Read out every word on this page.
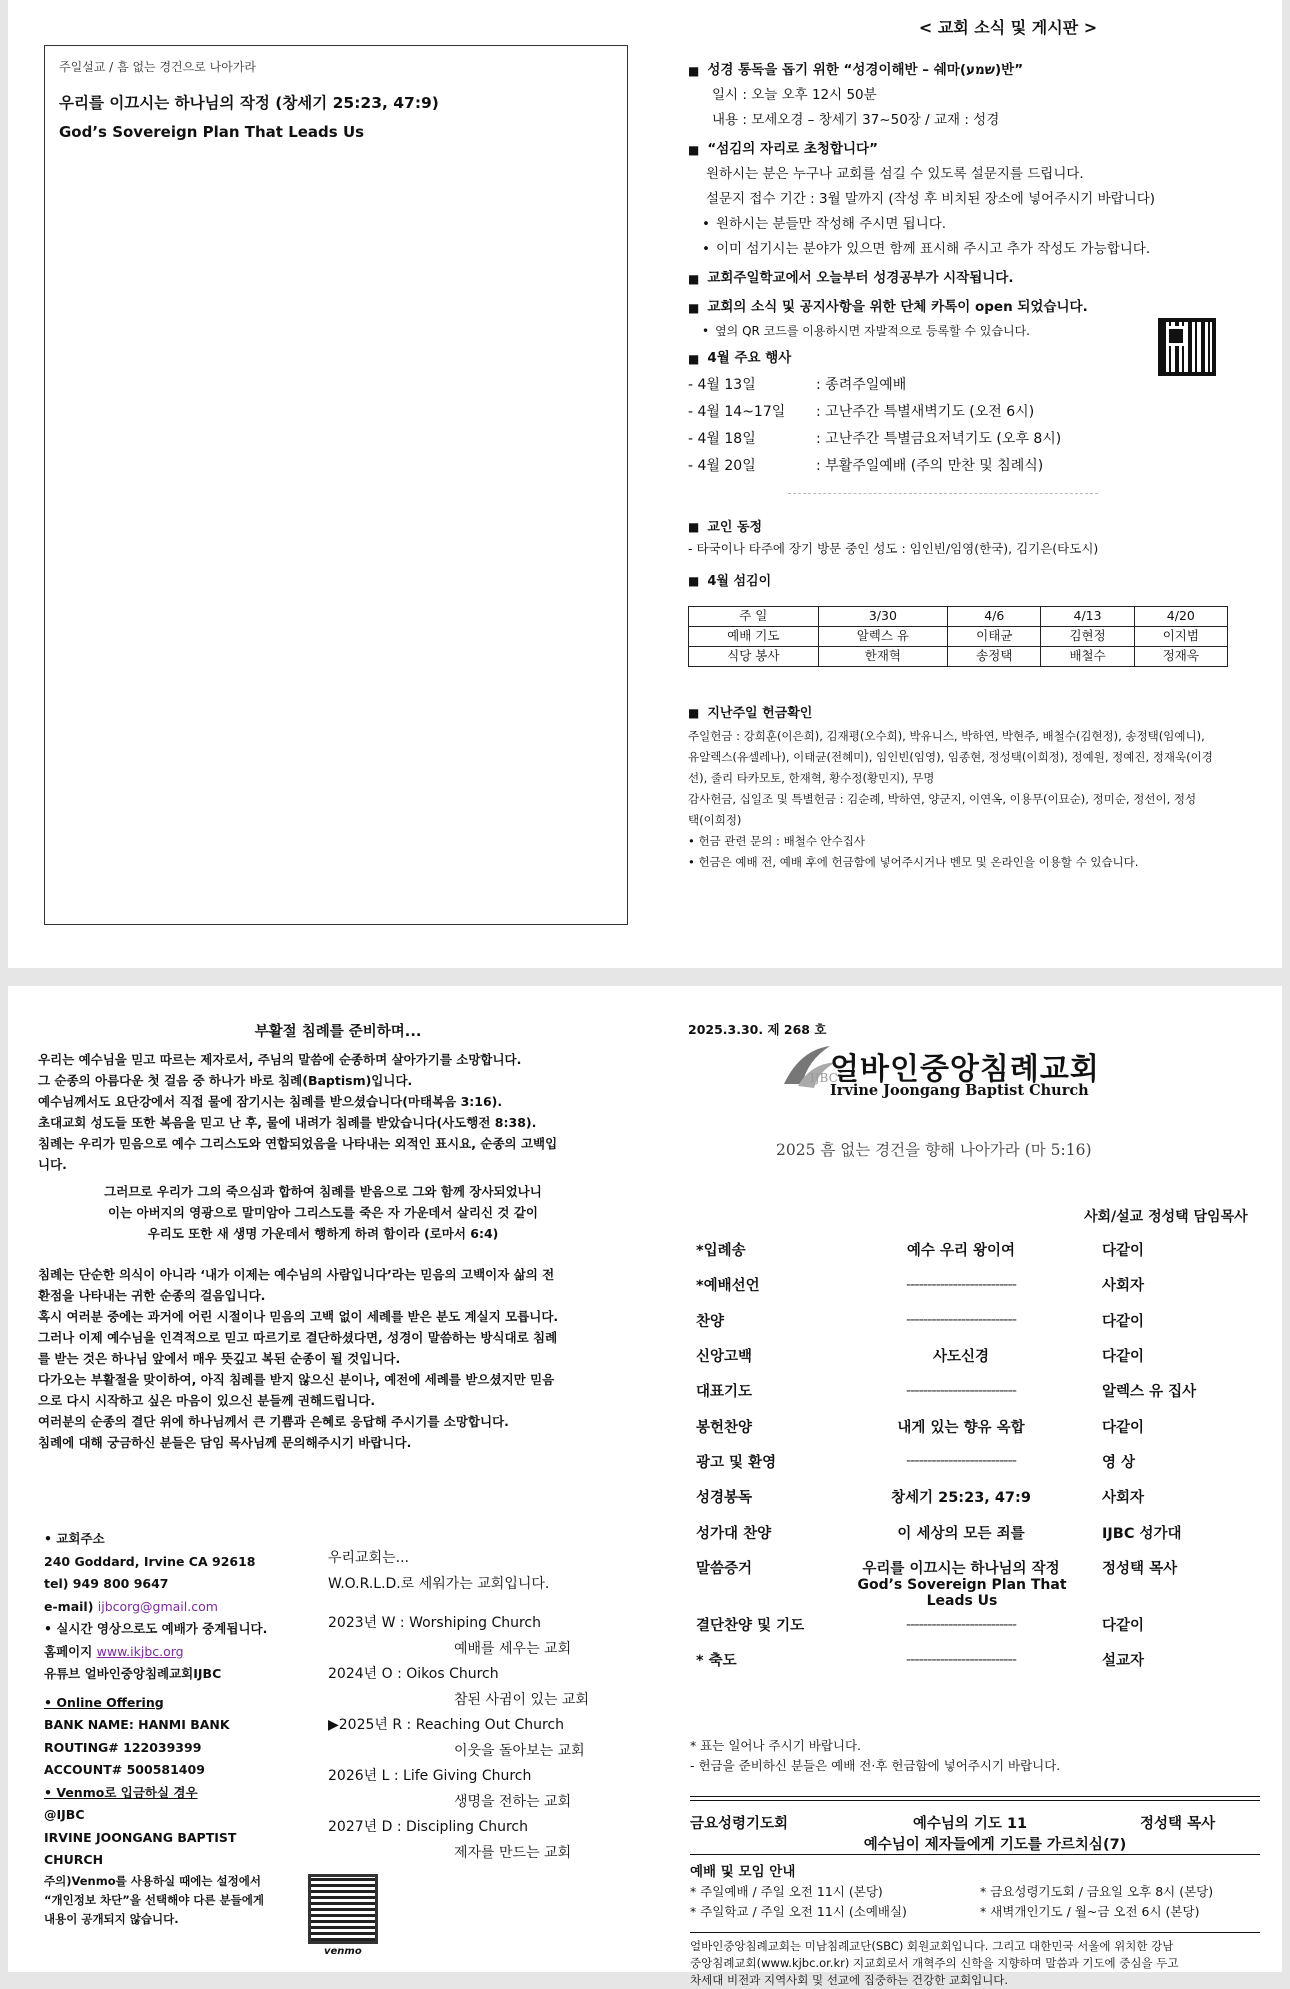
주일설교 / 흠 없는 경건으로 나아가라
우리를 이끄시는 하나님의 작정 (창세기 25:23, 47:9)
God’s Sovereign Plan That Leads Us
< 교회 소식 및 게시판 >
■ 성경 통독을 돕기 위한 “성경이해반 – 쉐마(שמע)반”
일시 : 오늘 오후 12시 50분
내용 : 모세오경 – 창세기 37~50장 / 교재 : 성경
■ “섬김의 자리로 초청합니다”
원하시는 분은 누구나 교회를 섬길 수 있도록 설문지를 드립니다.
설문지 접수 기간 : 3월 말까지 (작성 후 비치된 장소에 넣어주시기 바랍니다)
• 원하시는 분들만 작성해 주시면 됩니다.
• 이미 섬기시는 분야가 있으면 함께 표시해 주시고 추가 작성도 가능합니다.
■ 교회주일학교에서 오늘부터 성경공부가 시작됩니다.
■ 교회의 소식 및 공지사항을 위한 단체 카톡이 open 되었습니다.
• 옆의 QR 코드를 이용하시면 자발적으로 등록할 수 있습니다.
■ 4월 주요 행사
- 4월 13일	: 종려주일예배
- 4월 14~17일	: 고난주간 특별새벽기도 (오전 6시)
- 4월 18일	: 고난주간 특별금요저녁기도 (오후 8시)
- 4월 20일	: 부활주일예배 (주의 만찬 및 침례식)
■ 교인 동정
- 타국이나 타주에 장기 방문 중인 성도 : 임인빈/임영(한국), 김기은(타도시)
■ 4월 섬김이
주 일	3/30	4/6	4/13	4/20
예배 기도	알렉스 유	이태균	김현정	이지범
식당 봉사	한재혁	송정택	배철수	정재욱
■ 지난주일 헌금확인
주일헌금 : 강희훈(이은희), 김재평(오수희), 박유니스, 박하연, 박현주, 배철수(김현정), 송정택(임예니),
유알렉스(유셀레나), 이태균(전혜미), 임인빈(임영), 임종현, 정성택(이희정), 정예원, 정예진, 정재욱(이경
선), 줄리 타카모토, 한재혁, 황수정(황민지), 무명
감사헌금, 십일조 및 특별헌금 : 김순례, 박하연, 양군지, 이연옥, 이용무(이묘순), 정미순, 정선이, 정성
택(이희정)
• 헌금 관련 문의 : 배철수 안수집사
• 헌금은 예배 전, 예배 후에 헌금함에 넣어주시거나 벤모 및 온라인을 이용할 수 있습니다.
부활절 침례를 준비하며...
우리는 예수님을 믿고 따르는 제자로서, 주님의 말씀에 순종하며 살아가기를 소망합니다.
그 순종의 아름다운 첫 걸음 중 하나가 바로 침례(Baptism)입니다.
예수님께서도 요단강에서 직접 물에 잠기시는 침례를 받으셨습니다(마태복음 3:16).
초대교회 성도들 또한 복음을 믿고 난 후, 물에 내려가 침례를 받았습니다(사도행전 8:38).
침례는 우리가 믿음으로 예수 그리스도와 연합되었음을 나타내는 외적인 표시요, 순종의 고백입
니다.
그러므로 우리가 그의 죽으심과 합하여 침례를 받음으로 그와 함께 장사되었나니
이는 아버지의 영광으로 말미암아 그리스도를 죽은 자 가운데서 살리신 것 같이
우리도 또한 새 생명 가운데서 행하게 하려 함이라 (로마서 6:4)
침례는 단순한 의식이 아니라 ‘내가 이제는 예수님의 사람입니다’라는 믿음의 고백이자 삶의 전
환점을 나타내는 귀한 순종의 걸음입니다.
혹시 여러분 중에는 과거에 어린 시절이나 믿음의 고백 없이 세례를 받은 분도 계실지 모릅니다.
그러나 이제 예수님을 인격적으로 믿고 따르기로 결단하셨다면, 성경이 말씀하는 방식대로 침례
를 받는 것은 하나님 앞에서 매우 뜻깊고 복된 순종이 될 것입니다.
다가오는 부활절을 맞이하여, 아직 침례를 받지 않으신 분이나, 예전에 세례를 받으셨지만 믿음
으로 다시 시작하고 싶은 마음이 있으신 분들께 권해드립니다.
여러분의 순종의 결단 위에 하나님께서 큰 기쁨과 은혜로 응답해 주시기를 소망합니다.
침례에 대해 궁금하신 분들은 담임 목사님께 문의해주시기 바랍니다.
• 교회주소
240 Goddard, Irvine CA 92618
tel) 949 800 9647
e-mail) ijbcorg@gmail.com
• 실시간 영상으로도 예배가 중계됩니다.
홈페이지 www.ikjbc.org
유튜브 얼바인중앙침례교회IJBC
• Online Offering
BANK NAME: HANMI BANK
ROUTING# 122039399
ACCOUNT# 500581409
• Venmo로 입금하실 경우
@IJBC
IRVINE JOONGANG BAPTIST CHURCH
주의)Venmo를 사용하실 때에는 설정에서
“개인정보 차단”을 선택해야 다른 분들에게
내용이 공개되지 않습니다.
우리교회는...
W.O.R.L.D.로 세워가는 교회입니다.
2023년 W : Worshiping Church
예배를 세우는 교회
2024년 O : Oikos Church
참된 사귐이 있는 교회
▶2025년 R : Reaching Out Church
이웃을 돌아보는 교회
2026년 L : Life Giving Church
생명을 전하는 교회
2027년 D : Discipling Church
제자를 만드는 교회
venmo
2025.3.30. 제 268 호
IJBC
얼바인중앙침례교회
Irvine Joongang Baptist Church
2025 흠 없는 경건을 향해 나아가라 (마 5:16)
사회/설교 정성택 담임목사
*입례송	예수 우리 왕이여	다같이
*예배선언	--------------------------	사회자
찬양	--------------------------	다같이
신앙고백	사도신경	다같이
대표기도	--------------------------	알렉스 유 집사
봉헌찬양	내게 있는 향유 옥합	다같이
광고 및 환영	--------------------------	영 상
성경봉독	창세기 25:23, 47:9	사회자
성가대 찬양	이 세상의 모든 죄를	IJBC 성가대
말씀증거	우리를 이끄시는 하나님의 작정	정성택 목사
God’s Sovereign Plan That Leads Us
결단찬양 및 기도	--------------------------	다같이
* 축도	--------------------------	설교자
* 표는 일어나 주시기 바랍니다.
- 헌금을 준비하신 분들은 예배 전·후 헌금함에 넣어주시기 바랍니다.
금요성령기도회	예수님의 기도 11	정성택 목사
예수님이 제자들에게 기도를 가르치심(7)
예배 및 모임 안내
* 주일예배 / 주일 오전 11시 (본당)	* 금요성령기도회 / 금요일 오후 8시 (본당)
* 주일학교 / 주일 오전 11시 (소예배실)	* 새벽개인기도 / 월~금 오전 6시 (본당)
얼바인중앙침례교회는 미남침례교단(SBC) 회원교회입니다. 그리고 대한민국 서울에 위치한 강남
중앙침례교회(www.kjbc.or.kr) 지교회로서 개혁주의 신학을 지향하며 말씀과 기도에 중심을 두고
차세대 비전과 지역사회 및 선교에 집중하는 건강한 교회입니다.
